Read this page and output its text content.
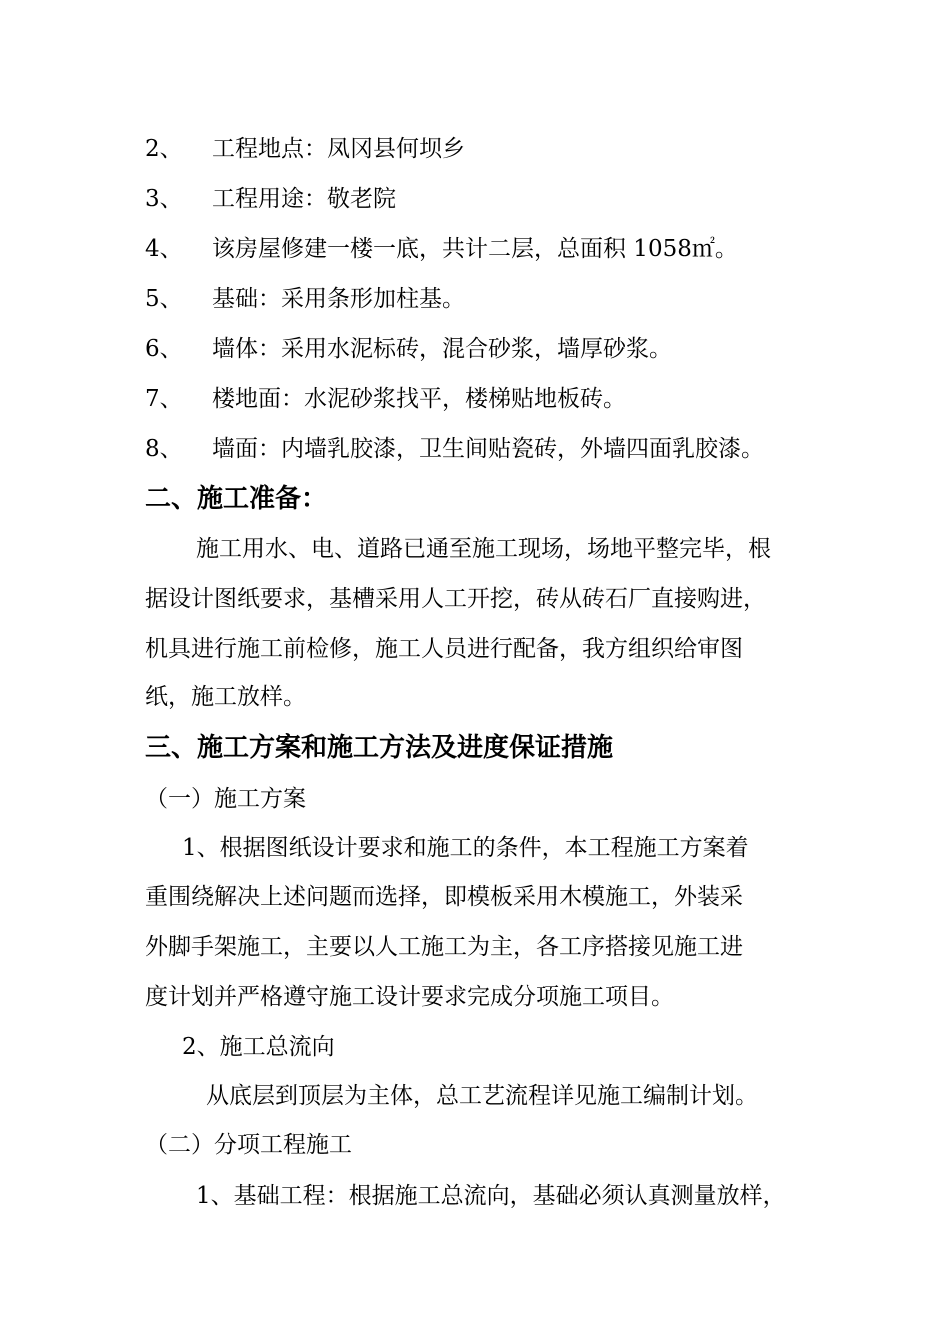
2、 工程地点：凤冈县何坝乡
3、 工程用途：敬老院
4、 该房屋修建一楼一底，共计二层，总面积 1058㎡。
5、 基础：采用条形加柱基。
6、 墙体：采用水泥标砖，混合砂浆，墙厚砂浆。
7、 楼地面：水泥砂浆找平，楼梯贴地板砖。
8、 墙面：内墙乳胶漆，卫生间贴瓷砖，外墙四面乳胶漆。
二、施工准备：
施工用水、电、道路已通至施工现场，场地平整完毕，根
据设计图纸要求，基槽采用人工开挖，砖从砖石厂直接购进，
机具进行施工前检修，施工人员进行配备，我方组织给审图
纸，施工放样。
三、施工方案和施工方法及进度保证措施
（一）施工方案
1、根据图纸设计要求和施工的条件，本工程施工方案着
重围绕解决上述问题而选择，即模板采用木模施工，外装采
外脚手架施工，主要以人工施工为主，各工序搭接见施工进
度计划并严格遵守施工设计要求完成分项施工项目。
2、施工总流向
从底层到顶层为主体，总工艺流程详见施工编制计划。
（二）分项工程施工
1、基础工程：根据施工总流向，基础必须认真测量放样，
